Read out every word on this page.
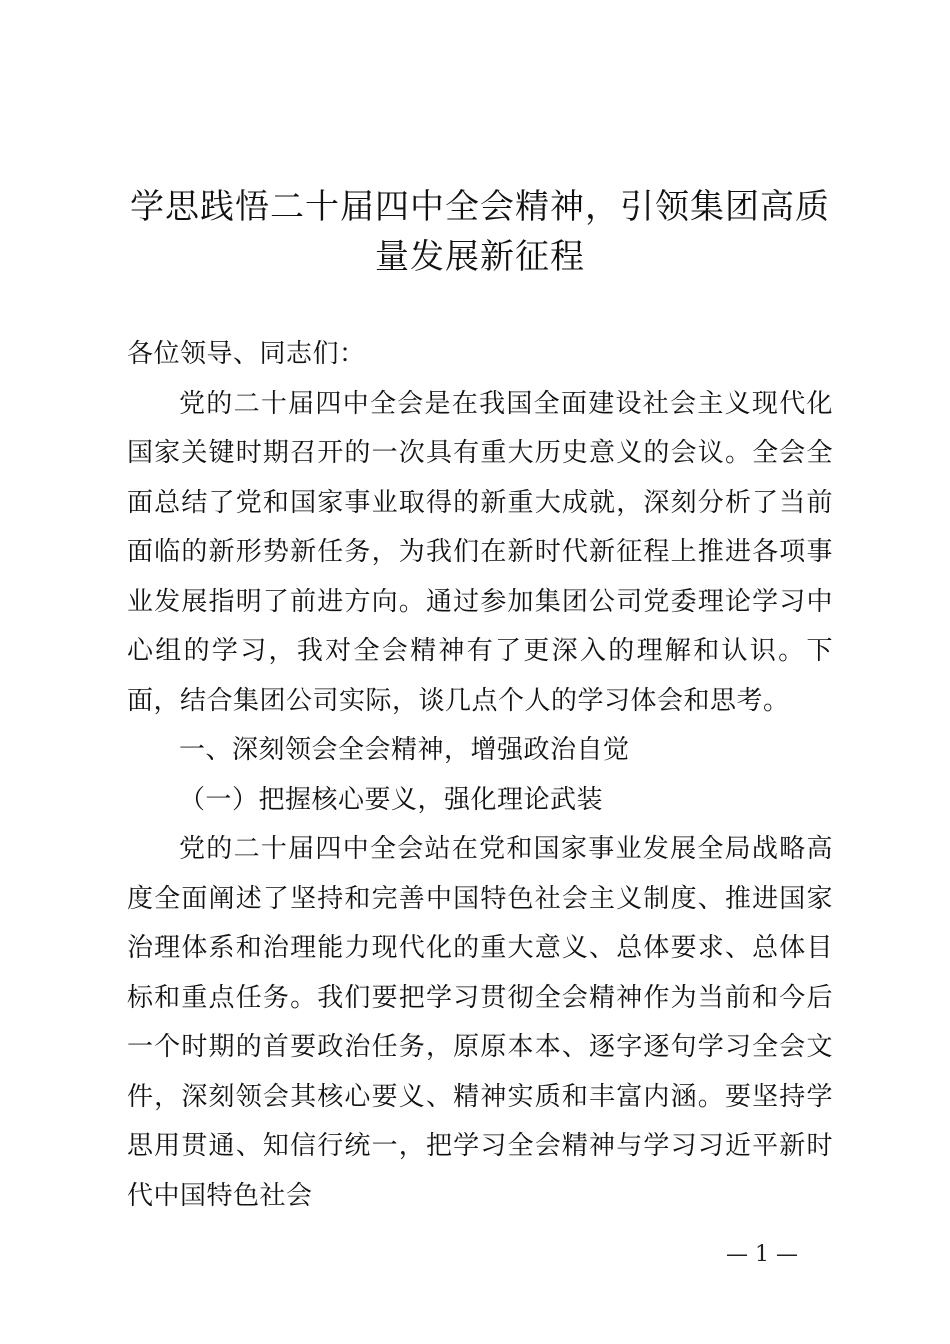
学思践悟二十届四中全会精神，引领集团高质量发展新征程

各位领导、同志们：

党的二十届四中全会是在我国全面建设社会主义现代化国家关键时期召开的一次具有重大历史意义的会议。全会全面总结了党和国家事业取得的新重大成就，深刻分析了当前面临的新形势新任务，为我们在新时代新征程上推进各项事业发展指明了前进方向。通过参加集团公司党委理论学习中心组的学习，我对全会精神有了更深入的理解和认识。下面，结合集团公司实际，谈几点个人的学习体会和思考。

一、深刻领会全会精神，增强政治自觉

（一）把握核心要义，强化理论武装

党的二十届四中全会站在党和国家事业发展全局战略高度全面阐述了坚持和完善中国特色社会主义制度、推进国家治理体系和治理能力现代化的重大意义、总体要求、总体目标和重点任务。我们要把学习贯彻全会精神作为当前和今后一个时期的首要政治任务，原原本本、逐字逐句学习全会文件，深刻领会其核心要义、精神实质和丰富内涵。要坚持学思用贯通、知信行统一，把学习全会精神与学习习近平新时代中国特色社会

— 1 —
